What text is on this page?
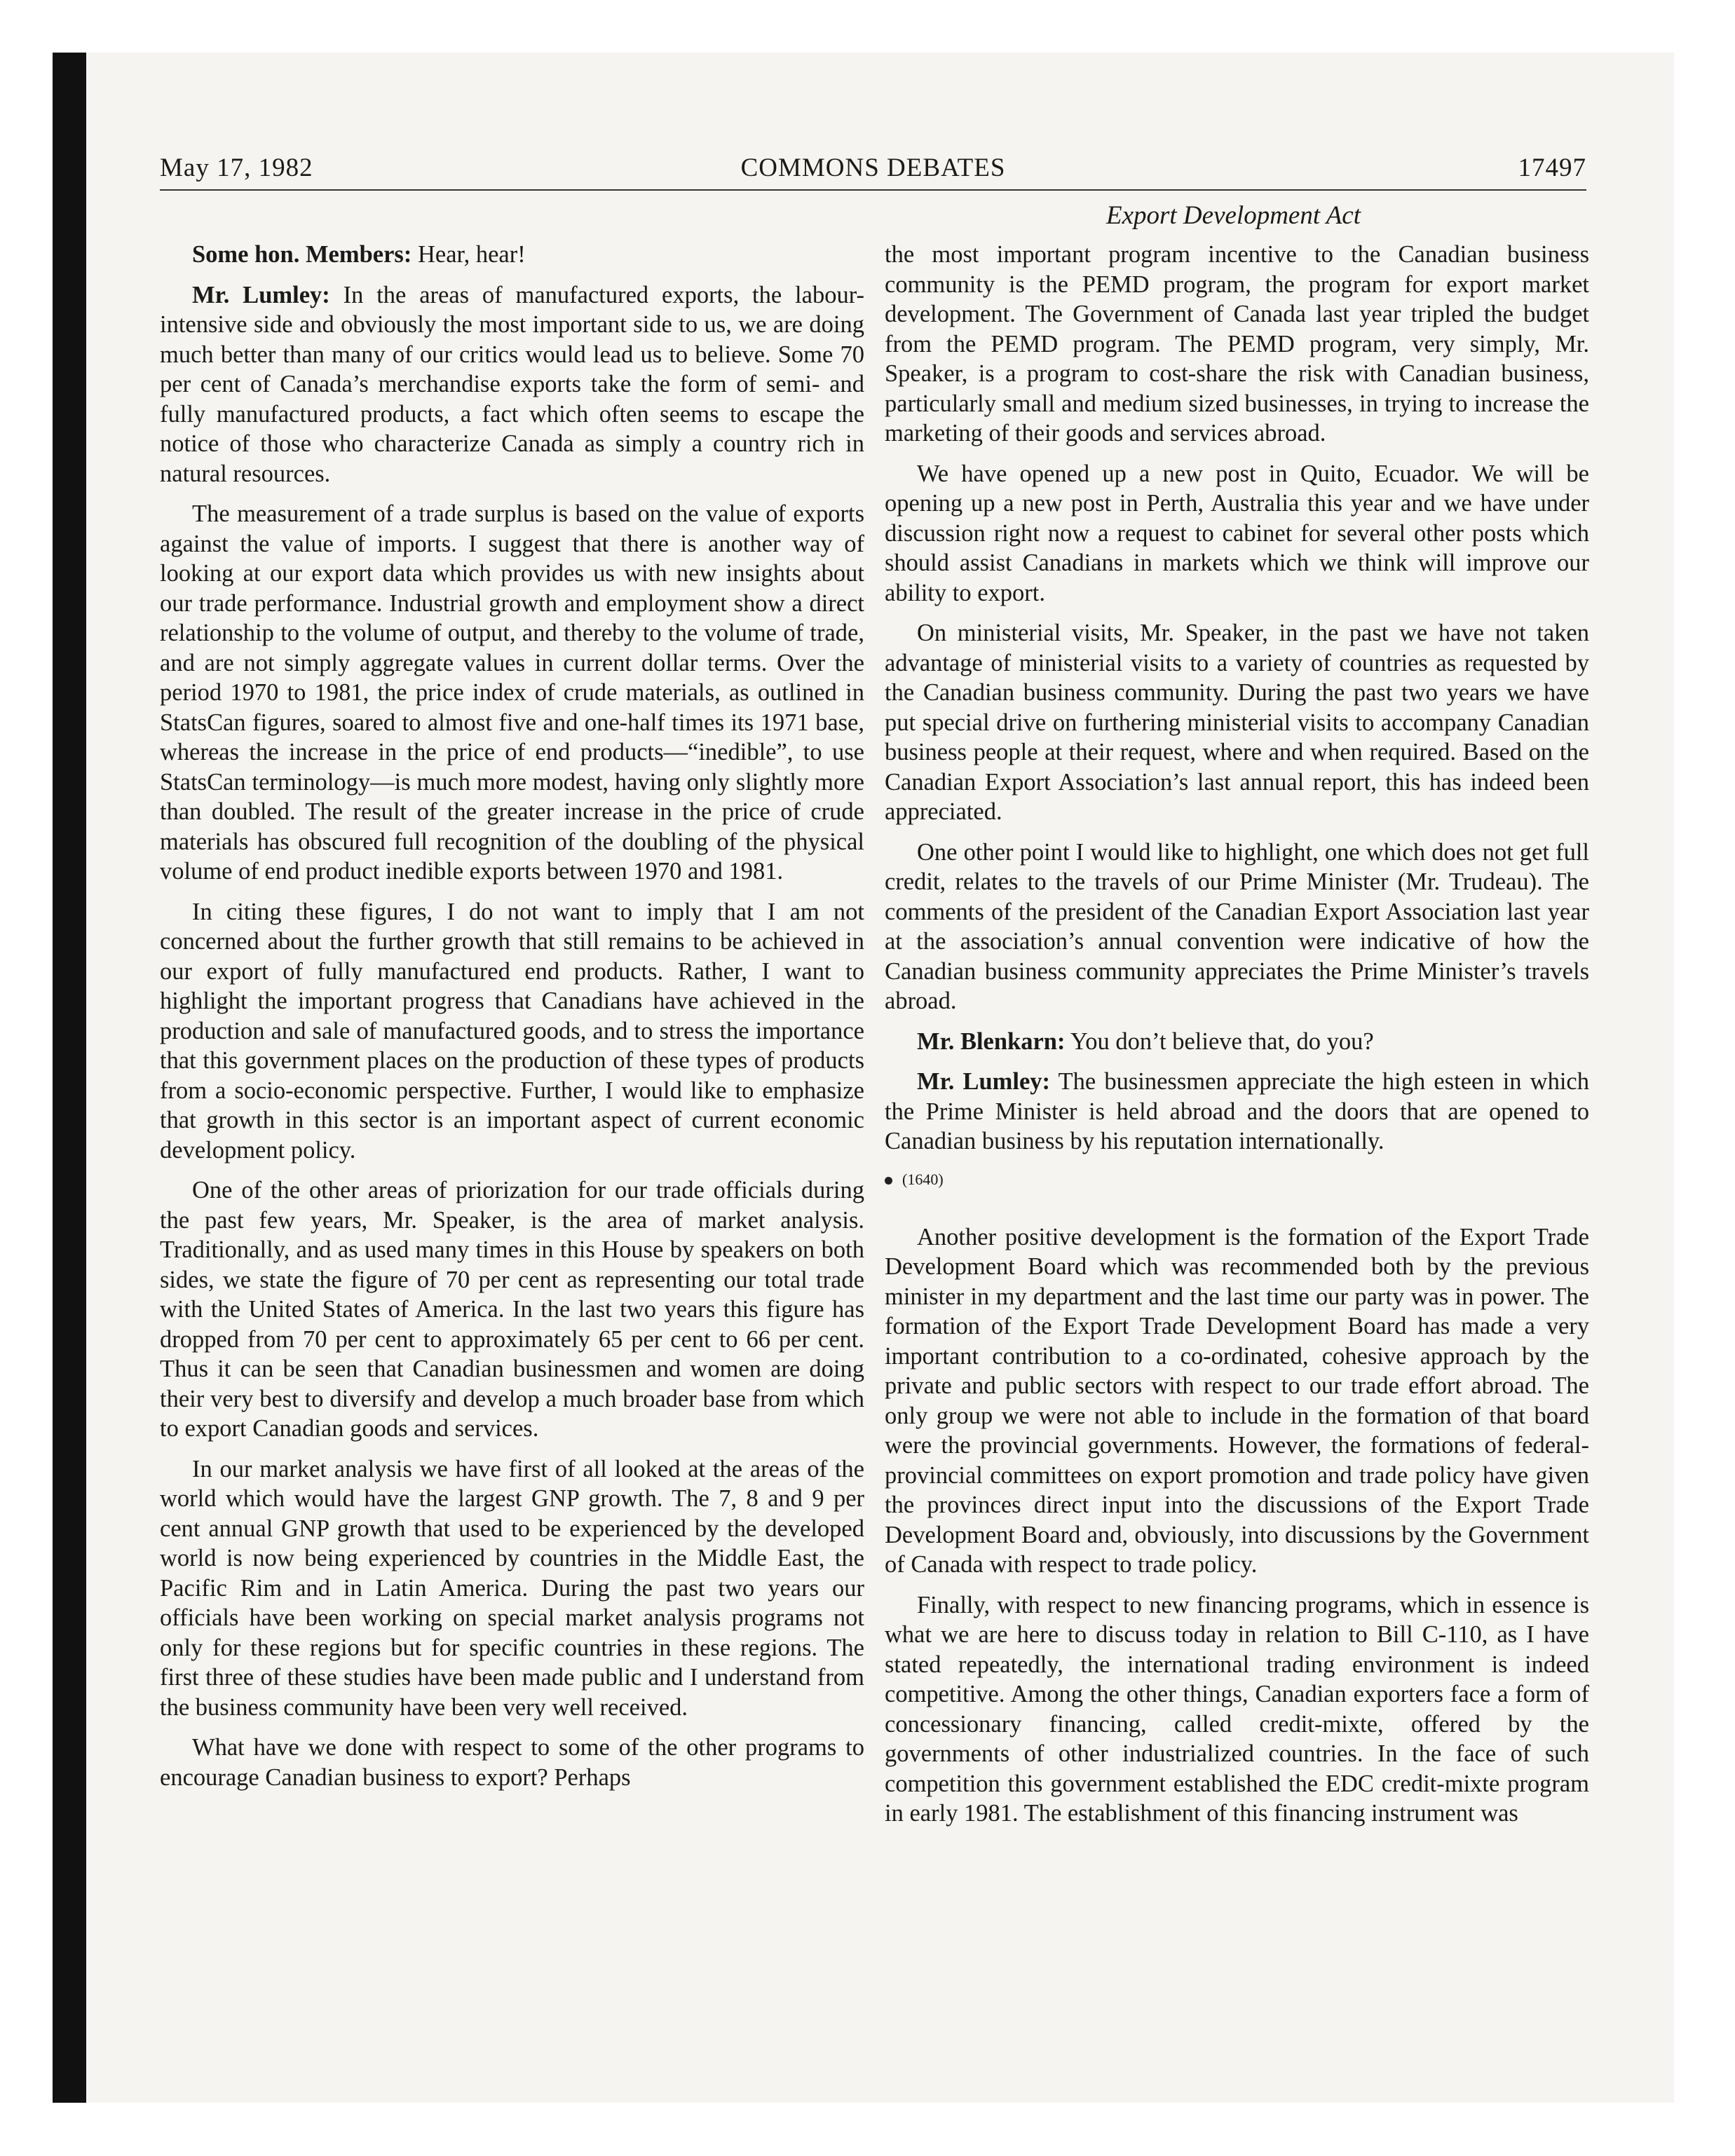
May 17, 1982	COMMONS DEBATES	17497
Export Development Act

Some hon. Members: Hear, hear!

Mr. Lumley: In the areas of manufactured exports, the labour-intensive side and obviously the most important side to us, we are doing much better than many of our critics would lead us to believe. Some 70 per cent of Canada’s merchandise exports take the form of semi- and fully manufactured products, a fact which often seems to escape the notice of those who characterize Canada as simply a country rich in natural resources.

The measurement of a trade surplus is based on the value of exports against the value of imports. I suggest that there is another way of looking at our export data which provides us with new insights about our trade performance. Industrial growth and employment show a direct relationship to the volume of output, and thereby to the volume of trade, and are not simply aggregate values in current dollar terms. Over the period 1970 to 1981, the price index of crude materials, as outlined in StatsCan figures, soared to almost five and one-half times its 1971 base, whereas the increase in the price of end products—“inedible”, to use StatsCan terminology—is much more modest, having only slightly more than doubled. The result of the greater increase in the price of crude materials has obscured full recognition of the doubling of the physical volume of end product inedible exports between 1970 and 1981.

In citing these figures, I do not want to imply that I am not concerned about the further growth that still remains to be achieved in our export of fully manufactured end products. Rather, I want to highlight the important progress that Canadians have achieved in the production and sale of manufactured goods, and to stress the importance that this government places on the production of these types of products from a socio-economic perspective. Further, I would like to emphasize that growth in this sector is an important aspect of current economic development policy.

One of the other areas of priorization for our trade officials during the past few years, Mr. Speaker, is the area of market analysis. Traditionally, and as used many times in this House by speakers on both sides, we state the figure of 70 per cent as representing our total trade with the United States of America. In the last two years this figure has dropped from 70 per cent to approximately 65 per cent to 66 per cent. Thus it can be seen that Canadian businessmen and women are doing their very best to diversify and develop a much broader base from which to export Canadian goods and services.

In our market analysis we have first of all looked at the areas of the world which would have the largest GNP growth. The 7, 8 and 9 per cent annual GNP growth that used to be experienced by the developed world is now being experienced by countries in the Middle East, the Pacific Rim and in Latin America. During the past two years our officials have been working on special market analysis programs not only for these regions but for specific countries in these regions. The first three of these studies have been made public and I understand from the business community have been very well received.

What have we done with respect to some of the other programs to encourage Canadian business to export? Perhaps

the most important program incentive to the Canadian business community is the PEMD program, the program for export market development. The Government of Canada last year tripled the budget from the PEMD program. The PEMD program, very simply, Mr. Speaker, is a program to cost-share the risk with Canadian business, particularly small and medium sized businesses, in trying to increase the marketing of their goods and services abroad.

We have opened up a new post in Quito, Ecuador. We will be opening up a new post in Perth, Australia this year and we have under discussion right now a request to cabinet for several other posts which should assist Canadians in markets which we think will improve our ability to export.

On ministerial visits, Mr. Speaker, in the past we have not taken advantage of ministerial visits to a variety of countries as requested by the Canadian business community. During the past two years we have put special drive on furthering ministerial visits to accompany Canadian business people at their request, where and when required. Based on the Canadian Export Association’s last annual report, this has indeed been appreciated.

One other point I would like to highlight, one which does not get full credit, relates to the travels of our Prime Minister (Mr. Trudeau). The comments of the president of the Canadian Export Association last year at the association’s annual convention were indicative of how the Canadian business community appreciates the Prime Minister’s travels abroad.

Mr. Blenkarn: You don’t believe that, do you?

Mr. Lumley: The businessmen appreciate the high esteen in which the Prime Minister is held abroad and the doors that are opened to Canadian business by his reputation internationally.

(1640)

Another positive development is the formation of the Export Trade Development Board which was recommended both by the previous minister in my department and the last time our party was in power. The formation of the Export Trade Development Board has made a very important contribution to a co-ordinated, cohesive approach by the private and public sectors with respect to our trade effort abroad. The only group we were not able to include in the formation of that board were the provincial governments. However, the formations of federal-provincial committees on export promotion and trade policy have given the provinces direct input into the discussions of the Export Trade Development Board and, obviously, into discussions by the Government of Canada with respect to trade policy.

Finally, with respect to new financing programs, which in essence is what we are here to discuss today in relation to Bill C-110, as I have stated repeatedly, the international trading environment is indeed competitive. Among the other things, Canadian exporters face a form of concessionary financing, called credit-mixte, offered by the governments of other industrialized countries. In the face of such competition this government established the EDC credit-mixte program in early 1981. The establishment of this financing instrument was
